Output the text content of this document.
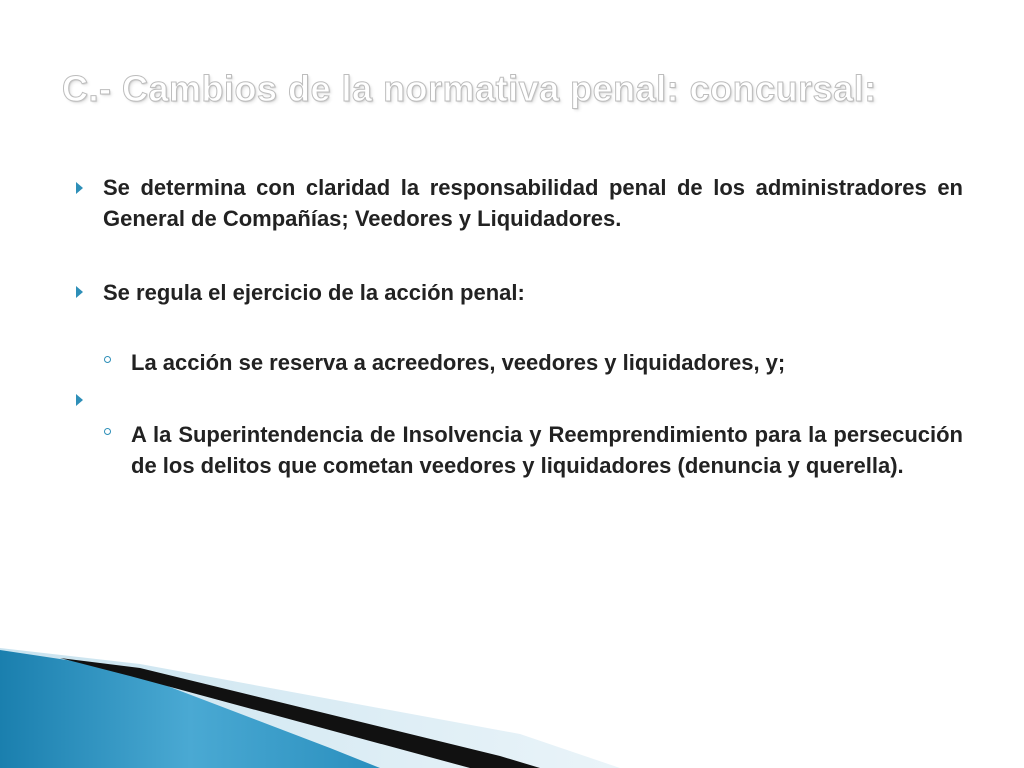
C.- Cambios de la normativa penal: concursal:
Se determina con claridad la responsabilidad penal de los administradores en General de Compañías; Veedores y Liquidadores.
Se regula el ejercicio de la acción penal:
La acción se reserva a acreedores, veedores y liquidadores, y;
A la Superintendencia de Insolvencia y Reemprendimiento para la persecución de los delitos que cometan veedores y liquidadores (denuncia y querella).
